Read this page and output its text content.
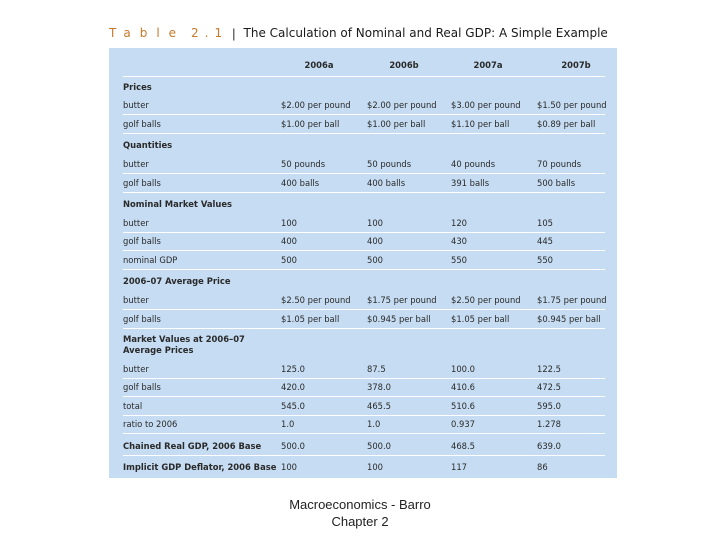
Table 2.1 | The Calculation of Nominal and Real GDP: A Simple Example
2006a	2006b	2007a	2007b
Prices
butter	$2.00 per pound $2.00 per pound $3.00 per pound $1.50 per pound
golf balls	$1.00 per ball	$1.00 per ball	$1.10 per ball	$0.89 per ball
Quantities
butter	50 pounds	50 pounds	40 pounds	70 pounds
golf balls	400 balls	400 balls	391 balls	500 balls
Nominal Market Values
butter	100	100	120	105
golf balls	400	400	430	445
nominal GDP	500	500	550	550
2006–07 Average Price
butter	$2.50 per pound $1.75 per pound $2.50 per pound $1.75 per pound
golf balls	$1.05 per ball	$0.945 per ball $1.05 per ball	$0.945 per ball
Market Values at 2006–07
Average Prices
butter	125.0	87.5	100.0	122.5
golf balls	420.0	378.0	410.6	472.5
total	545.0	465.5	510.6	595.0
ratio to 2006	1.0	1.0	0.937	1.278
Chained Real GDP, 2006 Base 500.0	500.0	468.5	639.0
Implicit GDP Deflator, 2006 Base 100	100	117	86
Macroeconomics - Barro
Chapter 2
